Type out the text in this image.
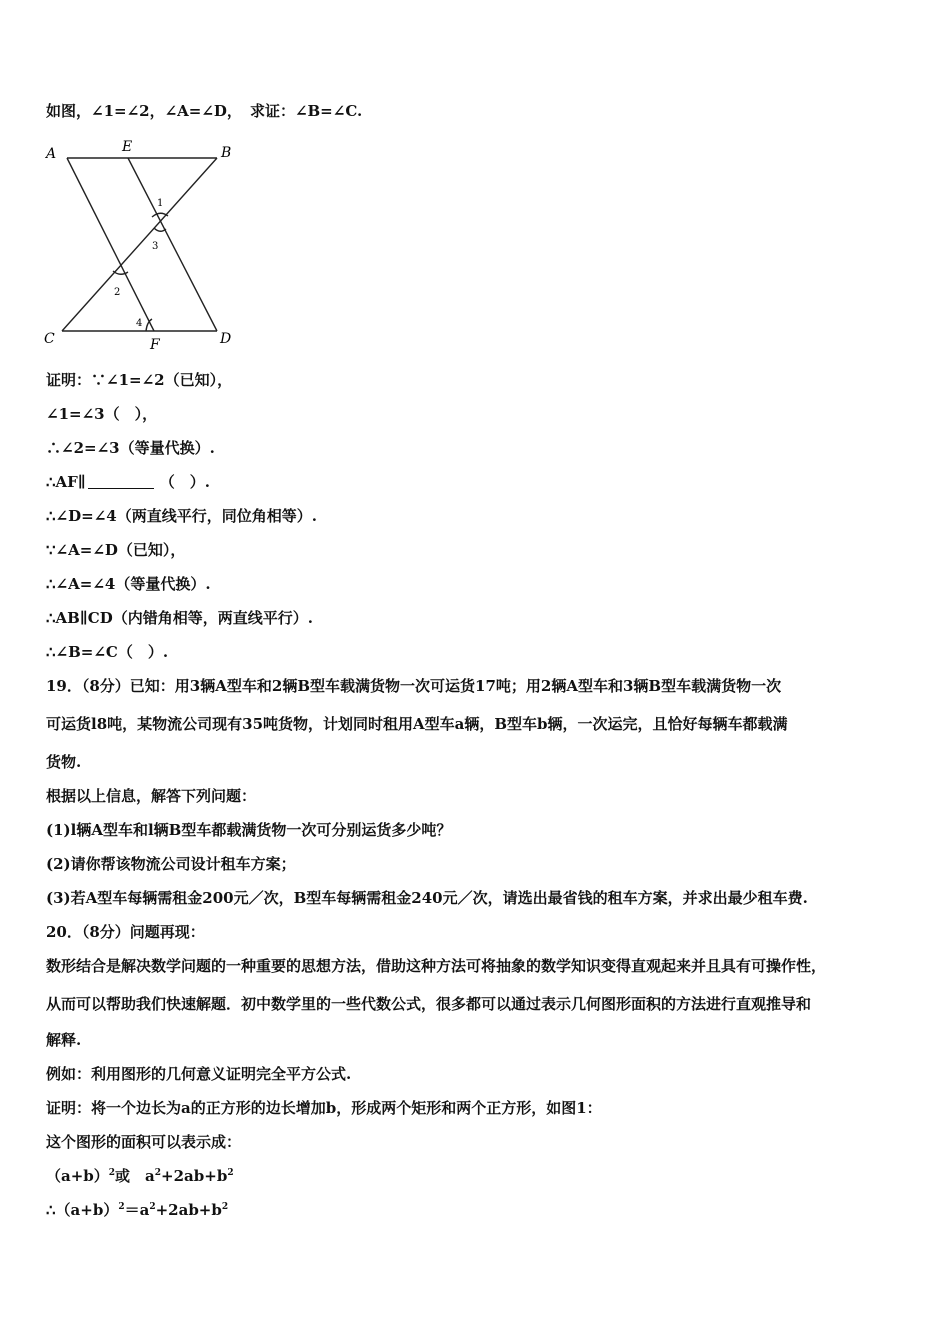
如图，∠1=∠2，∠A=∠D， 求证：∠B=∠C.
A	E	B
C	F	D
1
3
2
4
证明：∵∠1=∠2（已知），
∠1=∠3（　），
∴∠2=∠3（等量代换）.
∴AF∥	（　）.
∴∠D=∠4（两直线平行，同位角相等）.
∵∠A=∠D（已知），
∴∠A=∠4（等量代换）.
∴AB∥CD（内错角相等，两直线平行）.
∴∠B=∠C（　）.
19．（8分）已知：用3辆A型车和2辆B型车载满货物一次可运货17吨；用2辆A型车和3辆B型车载满货物一次
可运货l8吨，某物流公司现有35吨货物，计划同时租用A型车a辆，B型车b辆，一次运完，且恰好每辆车都载满
货物.
根据以上信息，解答下列问题：
(1)l辆A型车和l辆B型车都载满货物一次可分别运货多少吨？
(2)请你帮该物流公司设计租车方案；
(3)若A型车每辆需租金200元／次，B型车每辆需租金240元／次，请选出最省钱的租车方案，并求出最少租车费.
20．（8分）问题再现：
数形结合是解决数学问题的一种重要的思想方法，借助这种方法可将抽象的数学知识变得直观起来并且具有可操作性，
从而可以帮助我们快速解题．初中数学里的一些代数公式，很多都可以通过表示几何图形面积的方法进行直观推导和
解释.
例如：利用图形的几何意义证明完全平方公式.
证明：将一个边长为a的正方形的边长增加b，形成两个矩形和两个正方形，如图1：
这个图形的面积可以表示成：
$(a+b)^2$或　$a^2+2ab+b^2$
$\therefore(a+b)^2=a^2+2ab+b^2$
